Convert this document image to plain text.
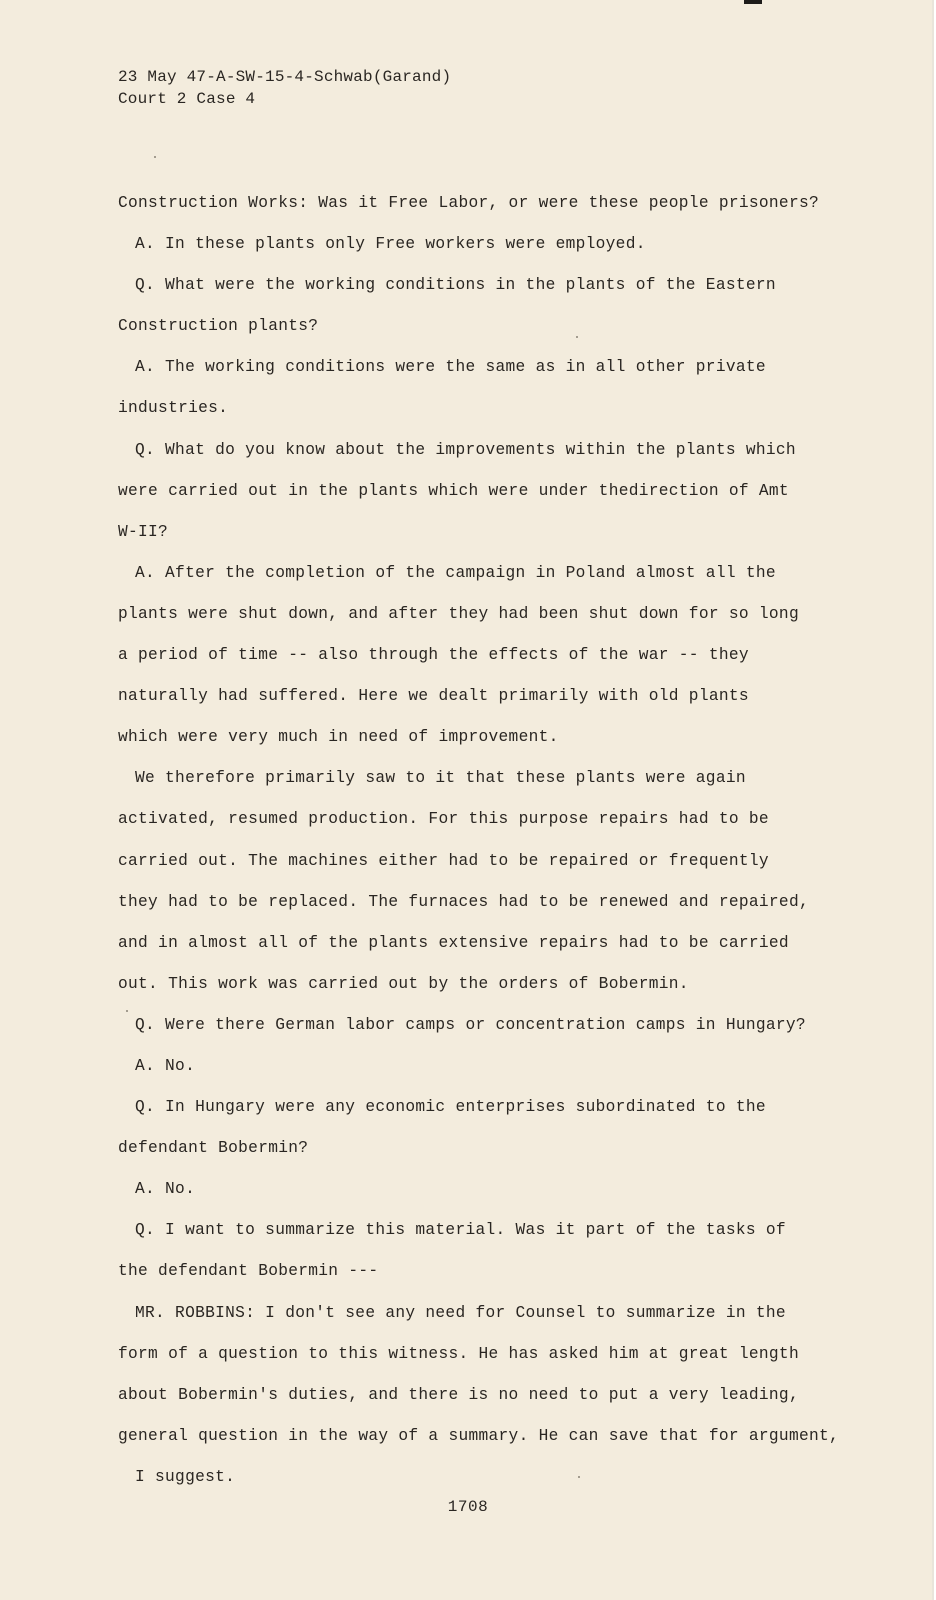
23 May 47-A-SW-15-4-Schwab(Garand)
Court 2 Case 4
Construction Works: Was it Free Labor, or were these people prisoners?
A. In these plants only Free workers were employed.
Q. What were the working conditions in the plants of the Eastern
Construction plants?
A. The working conditions were the same as in all other private
industries.
Q. What do you know about the improvements within the plants which
were carried out in the plants which were under thedirection of Amt
W-II?
A. After the completion of the campaign in Poland almost all the
plants were shut down, and after they had been shut down for so long
a period of time -- also through the effects of the war -- they
naturally had suffered. Here we dealt primarily with old plants
which were very much in need of improvement.
We therefore primarily saw to it that these plants were again
activated, resumed production. For this purpose repairs had to be
carried out. The machines either had to be repaired or frequently
they had to be replaced. The furnaces had to be renewed and repaired,
and in almost all of the plants extensive repairs had to be carried
out. This work was carried out by the orders of Bobermin.
Q. Were there German labor camps or concentration camps in Hungary?
A. No.
Q. In Hungary were any economic enterprises subordinated to the
defendant Bobermin?
A. No.
Q. I want to summarize this material. Was it part of the tasks of
the defendant Bobermin ---
MR. ROBBINS: I don't see any need for Counsel to summarize in the
form of a question to this witness. He has asked him at great length
about Bobermin's duties, and there is no need to put a very leading,
general question in the way of a summary. He can save that for argument,
I suggest.
1708
